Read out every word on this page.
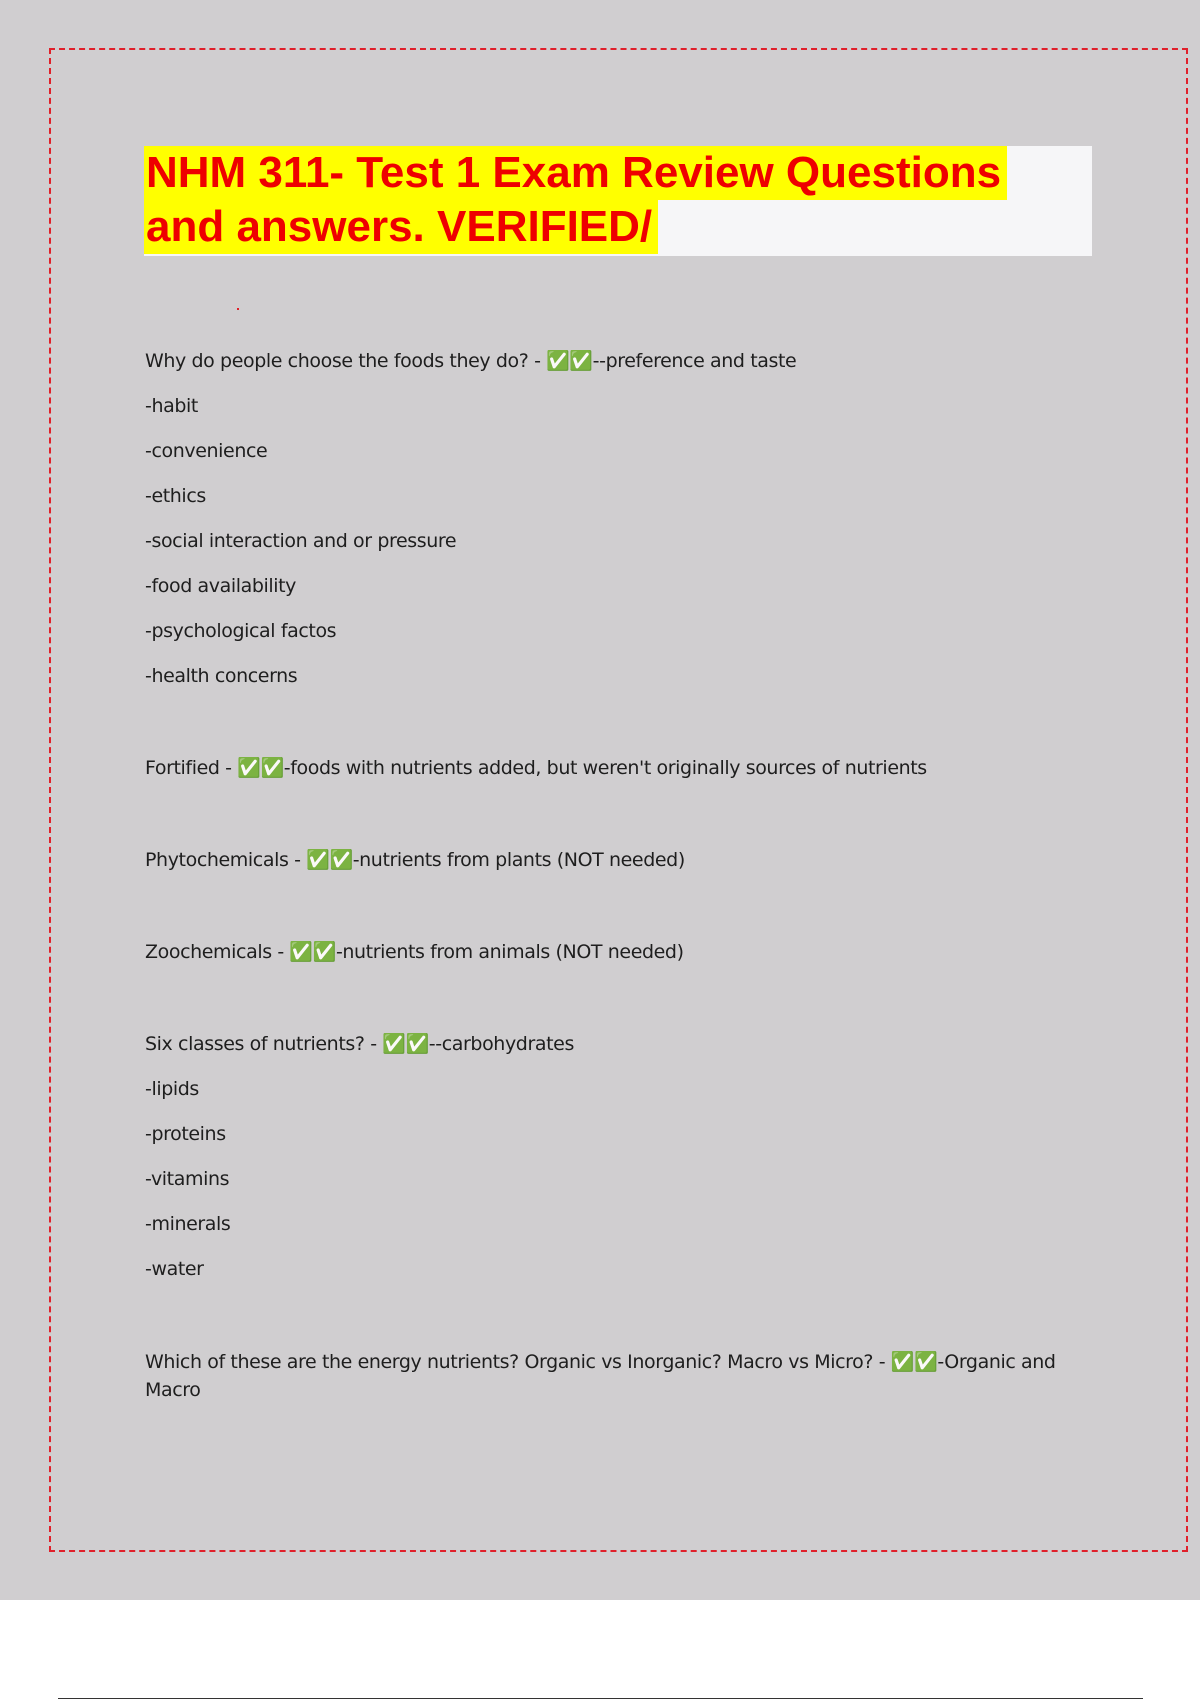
NHM 311- Test 1 Exam Review Questions
and answers. VERIFIED/
Why do people choose the foods they do? - ✅✅--preference and taste
-habit
-convenience
-ethics
-social interaction and or pressure
-food availability
-psychological factos
-health concerns
Fortified - ✅✅-foods with nutrients added, but weren't originally sources of nutrients
Phytochemicals - ✅✅-nutrients from plants (NOT needed)
Zoochemicals - ✅✅-nutrients from animals (NOT needed)
Six classes of nutrients? - ✅✅--carbohydrates
-lipids
-proteins
-vitamins
-minerals
-water
Which of these are the energy nutrients? Organic vs Inorganic? Macro vs Micro? - ✅✅-Organic and Macro
